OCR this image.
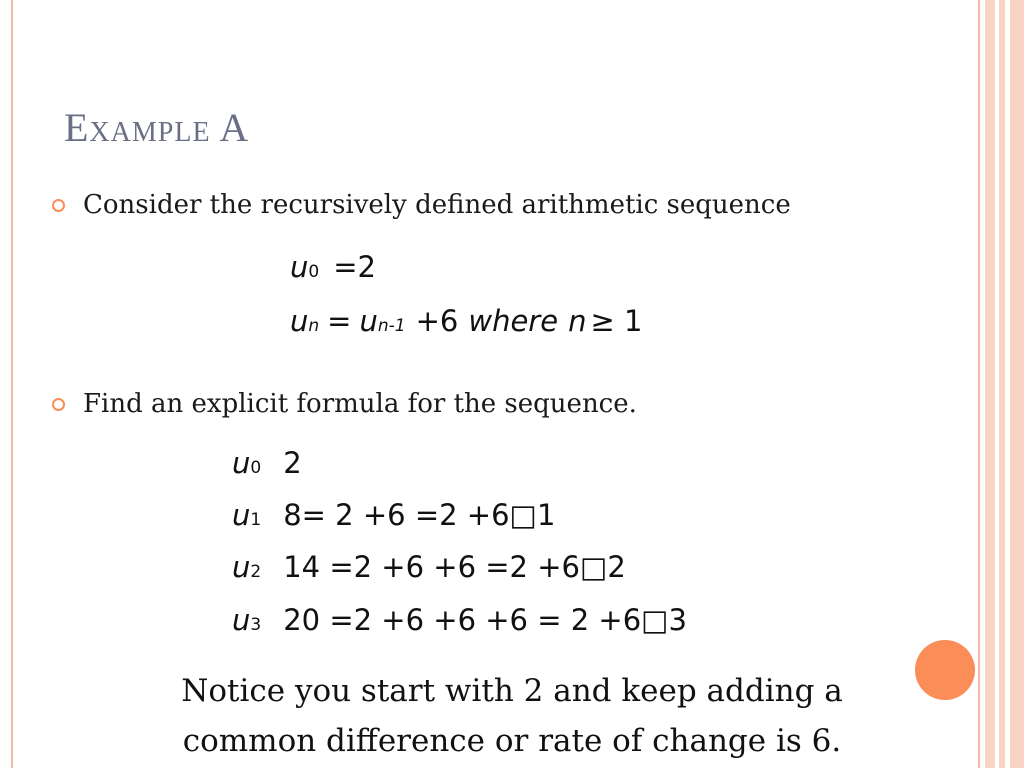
Example A
Consider the recursively defined arithmetic sequence
u 0 =2
u n = u n-1 +6 where n ≥ 1
Find an explicit formula for the sequence.
u 0 2
u 1 8= 2 +6 =2 +6□1
u 2 14 =2 +6 +6 =2 +6□2
u 3 20 =2 +6 +6 +6 = 2 +6□3
Notice you start with 2 and keep adding a
common difference or rate of change is 6.
